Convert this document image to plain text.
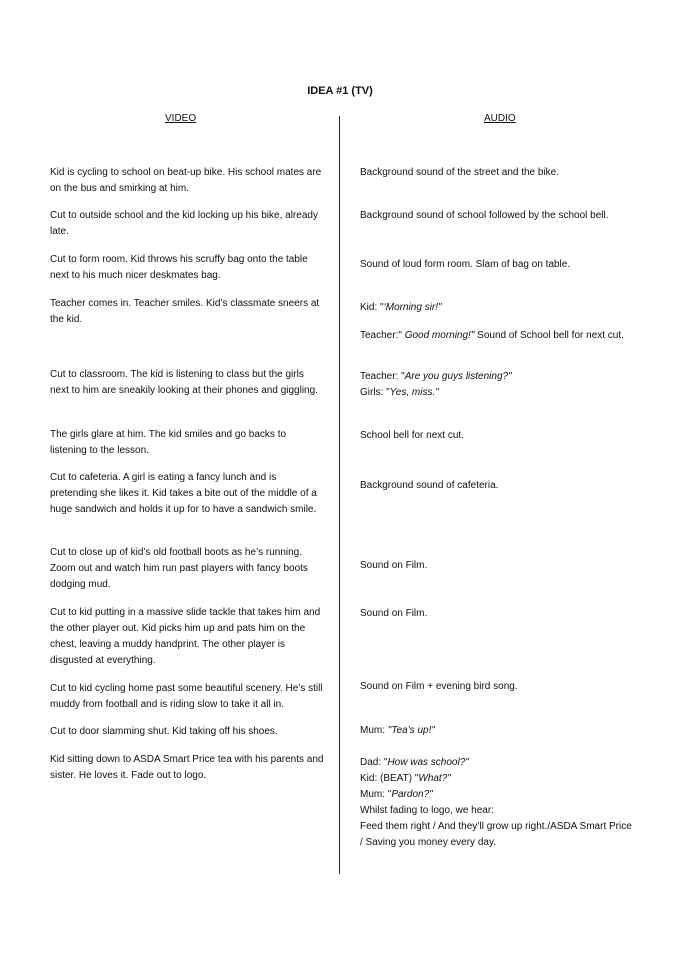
IDEA #1 (TV)
VIDEO	AUDIO

Kid is cycling to school on beat-up bike. His school mates are on the bus and smirking at him.

Cut to outside school and the kid locking up his bike, already late.

Cut to form room. Kid throws his scruffy bag onto the table next to his much nicer deskmates bag.

Teacher comes in. Teacher smiles. Kid’s classmate sneers at the kid.

Cut to classroom. The kid is listening to class but the girls next to him are sneakily looking at their phones and giggling.

The girls glare at him. The kid smiles and go backs to listening to the lesson.

Cut to cafeteria. A girl is eating a fancy lunch and is pretending she likes it. Kid takes a bite out of the middle of a huge sandwich and holds it up for to have a sandwich smile.

Cut to close up of kid’s old football boots as he’s running. Zoom out and watch him run past players with fancy boots dodging mud.

Cut to kid putting in a massive slide tackle that takes him and the other player out. Kid picks him up and pats him on the chest, leaving a muddy handprint. The other player is disgusted at everything.

Cut to kid cycling home past some beautiful scenery. He’s still muddy from football and is riding slow to take it all in.

Cut to door slamming shut. Kid taking off his shoes.

Kid sitting down to ASDA Smart Price tea with his parents and sister. He loves it. Fade out to logo.

Background sound of the street and the bike.

Background sound of school followed by the school bell.

Sound of loud form room. Slam of bag on table.

Kid: "‘Morning sir!"

Teacher:" Good morning!" Sound of School bell for next cut.

Teacher: "Are you guys listening?"
Girls: "Yes, miss."

School bell for next cut.

Background sound of cafeteria.

Sound on Film.

Sound on Film.

Sound on Film + evening bird song.

Mum: "Tea’s up!"

Dad: "How was school?"
Kid: (BEAT) "What?"
Mum: "Pardon?"
Whilst fading to logo, we hear:
Feed them right / And they’ll grow up right./ASDA Smart Price / Saving you money every day.
